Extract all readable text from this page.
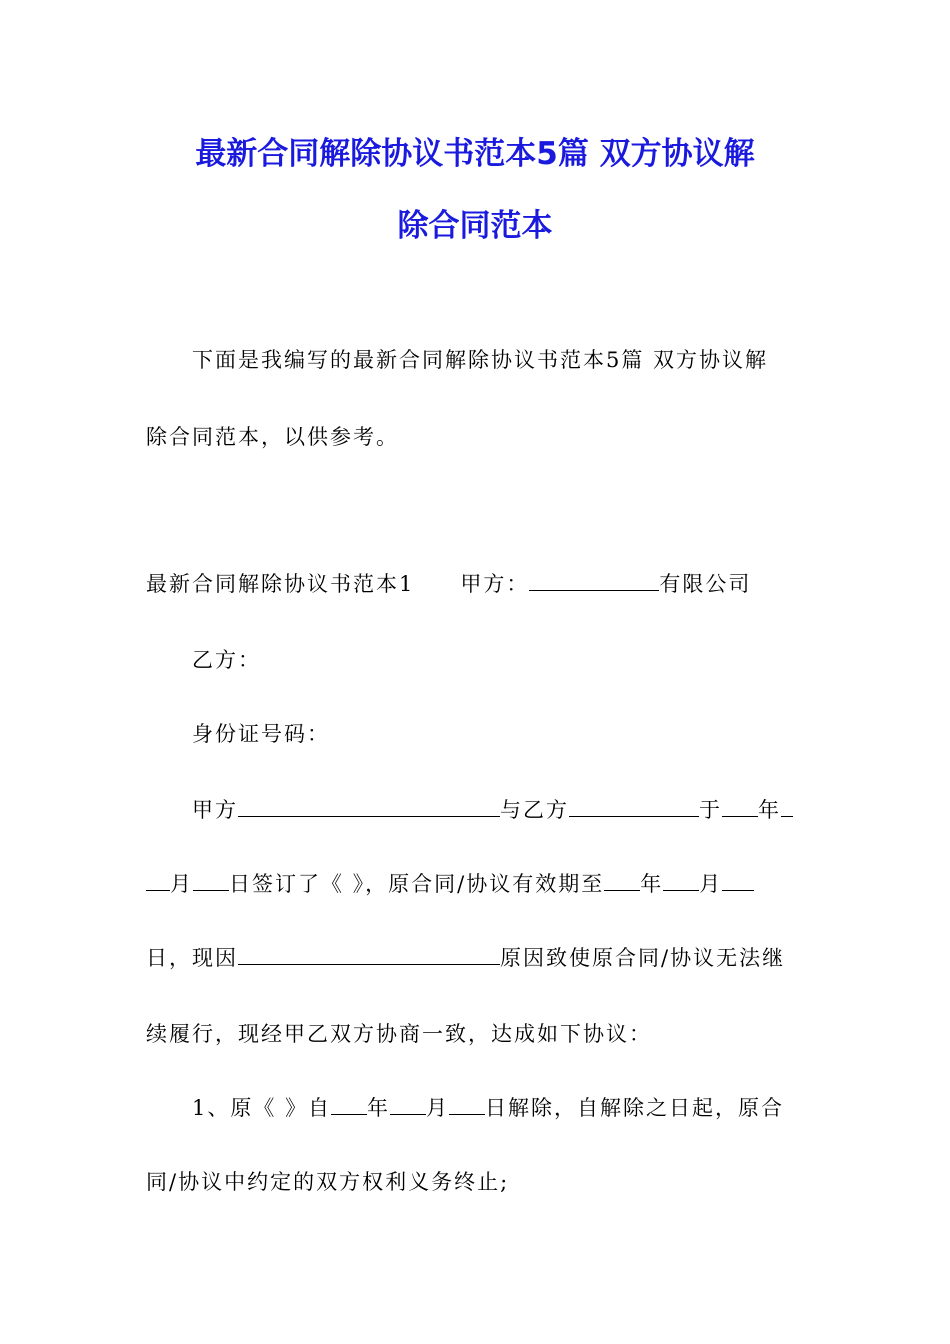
最新合同解除协议书范本5篇 双方协议解
除合同范本
下面是我编写的最新合同解除协议书范本5篇 双方协议解
除合同范本，以供参考。
最新合同解除协议书范本1 甲方：	有限公司
乙方：
身份证号码：
甲方	与乙方	于 年
月 日签订了《 》，原合同/协议有效期至 年 月
日，现因	原因致使原合同/协议无法继
续履行，现经甲乙双方协商一致，达成如下协议：
1、原《 》自 年 月 日解除，自解除之日起，原合
同/协议中约定的双方权利义务终止;
